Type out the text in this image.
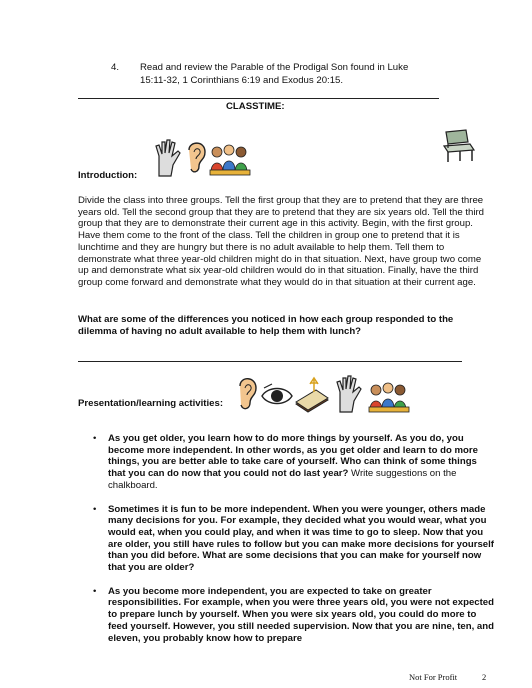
4. Read and review the Parable of the Prodigal Son found in Luke
15:11-32, 1 Corinthians 6:19 and Exodus 20:15.
CLASSTIME:
Introduction:
Divide the class into three groups. Tell the first group that they are to pretend that they are three years old. Tell the second group that they are to pretend that they are six years old. Tell the third group that they are to demonstrate their current age in this activity. Begin, with the first group. Have them come to the front of the class. Tell the children in group one to pretend that it is lunchtime and they are hungry but there is no adult available to help them. Tell them to demonstrate what three year-old children might do in that situation. Next, have group two come up and demonstrate what six year-old children would do in that situation. Finally, have the third group come forward and demonstrate what they would do in that situation at their current age.
What are some of the differences you noticed in how each group responded to the dilemma of having no adult available to help them with lunch?
Presentation/learning activities:
• As you get older, you learn how to do more things by yourself. As you do, you become more independent. In other words, as you get older and learn to do more things, you are better able to take care of yourself. Who can think of some things that you can do now that you could not do last year? Write suggestions on the chalkboard.
• Sometimes it is fun to be more independent. When you were younger, others made many decisions for you. For example, they decided what you would wear, what you would eat, when you could play, and when it was time to go to sleep. Now that you are older, you still have rules to follow but you can make more decisions for yourself than you did before. What are some decisions that you can make for yourself now that you are older?
• As you become more independent, you are expected to take on greater responsibilities. For example, when you were three years old, you were not expected to prepare lunch by yourself. When you were six years old, you could do more to feed yourself. However, you still needed supervision. Now that you are nine, ten, and eleven, you probably know how to prepare
Not For Profit	2
